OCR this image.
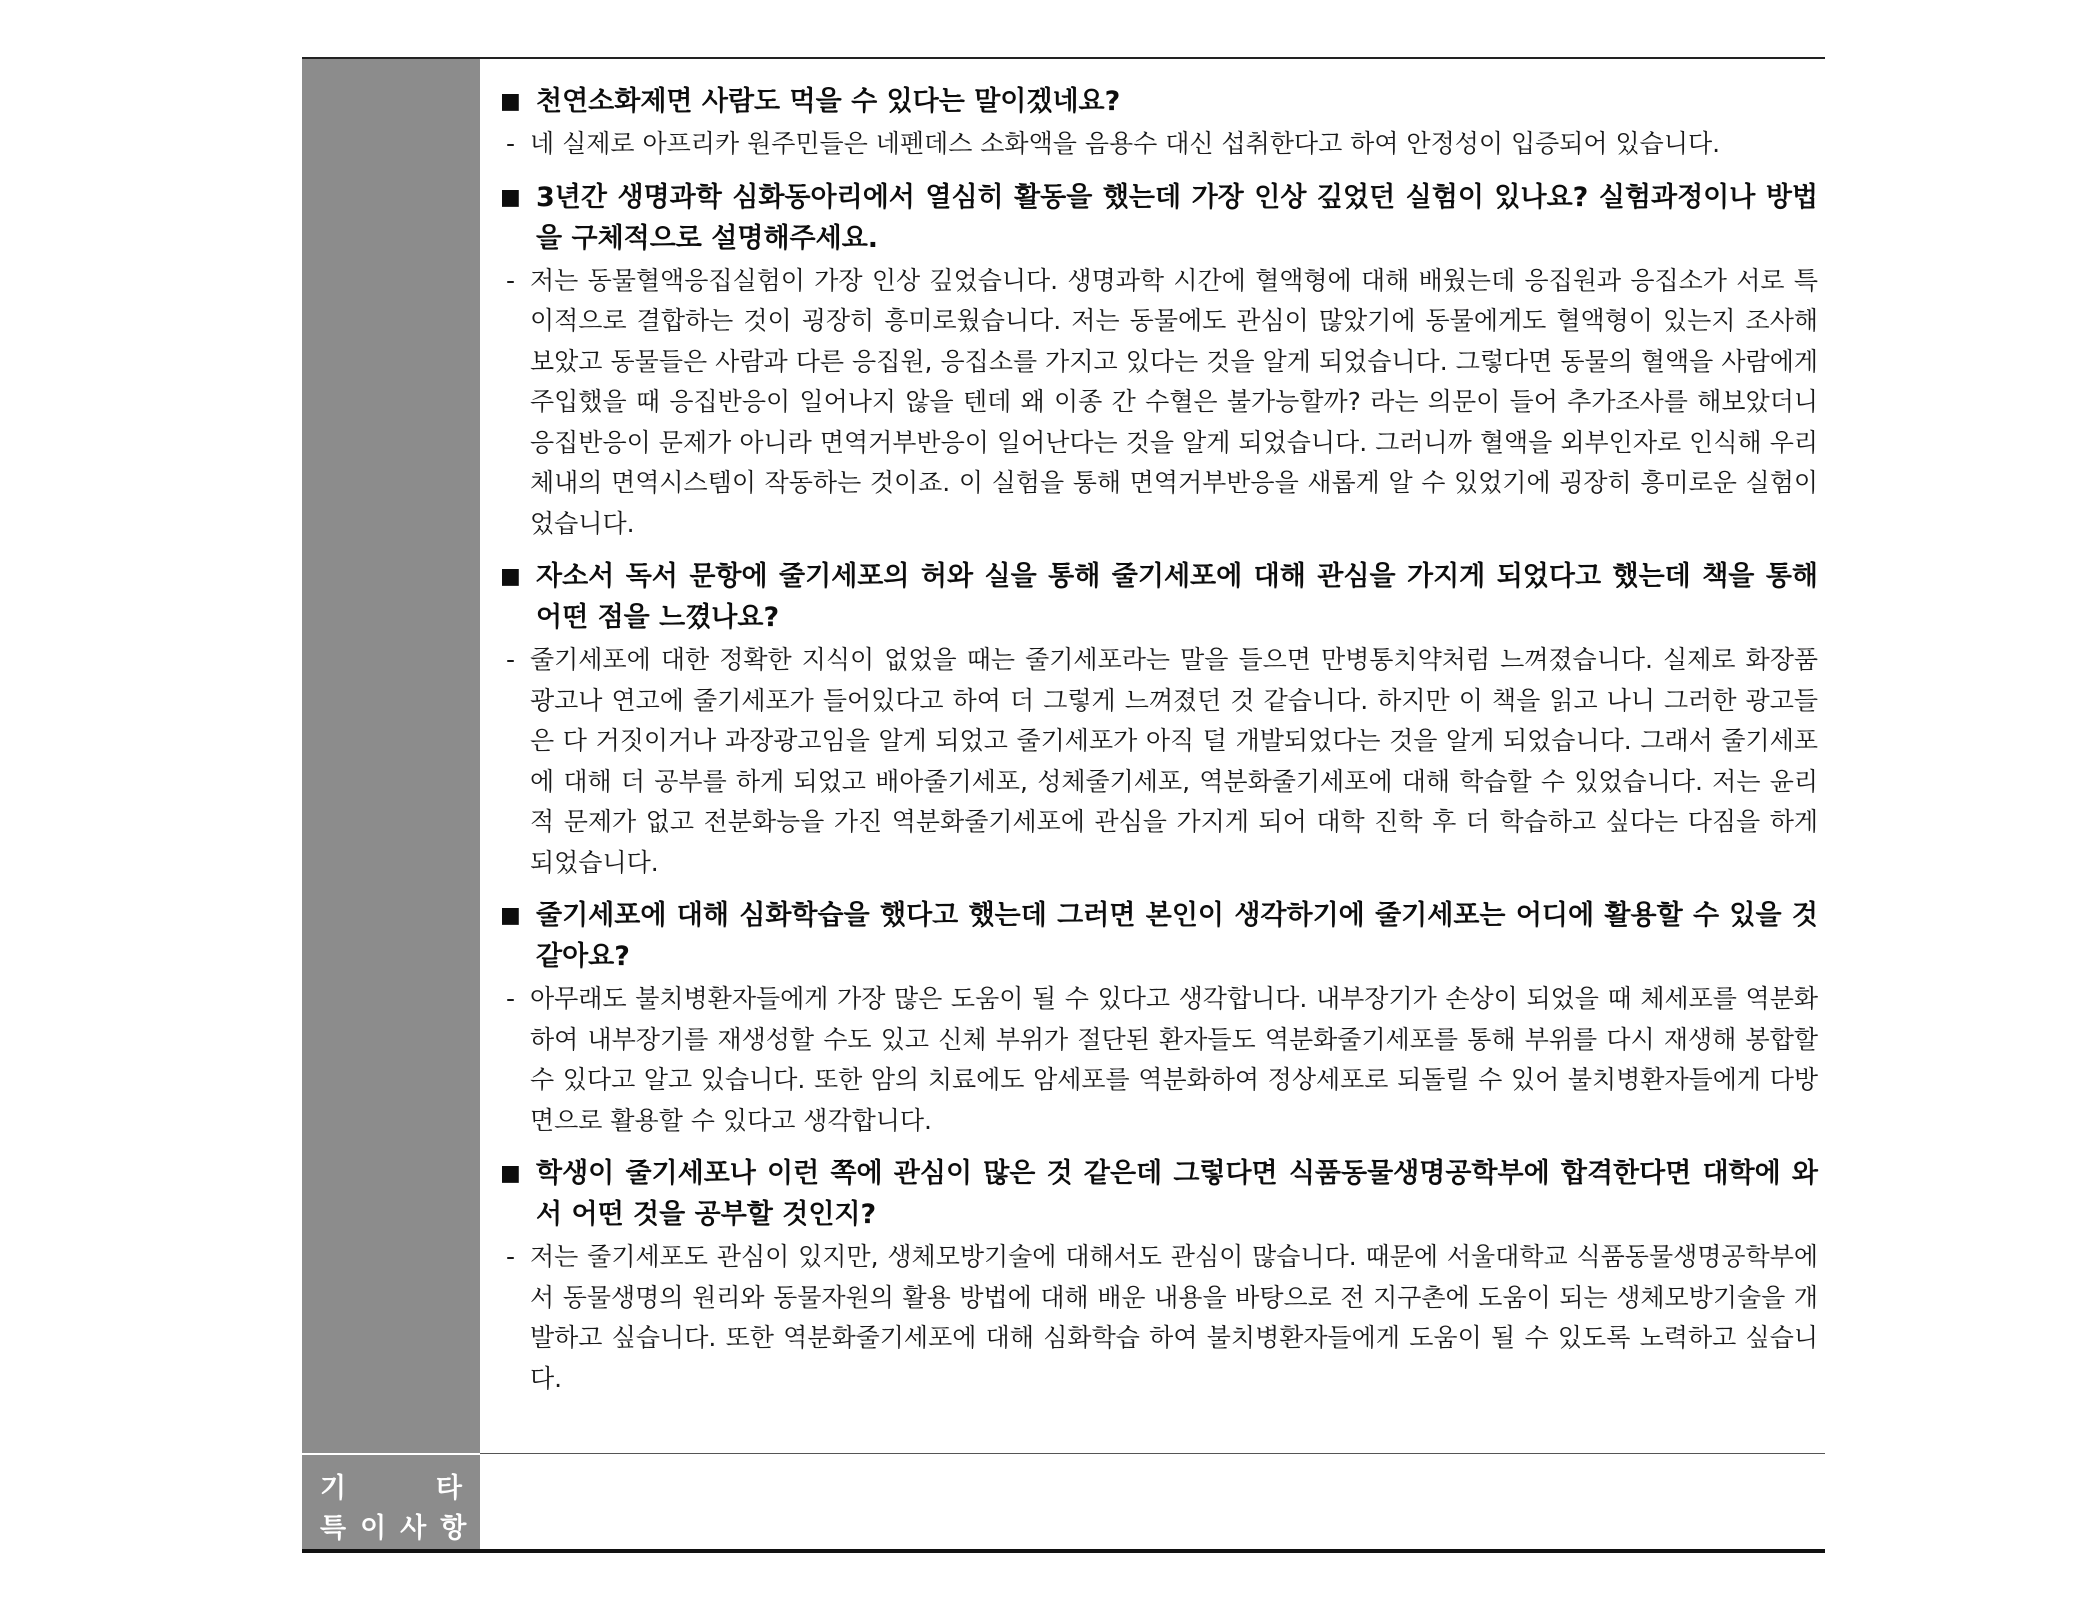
기	타
특이사항
■ 천연소화제면 사람도 먹을 수 있다는 말이겠네요?
- 네 실제로 아프리카 원주민들은 네펜데스 소화액을 음용수 대신 섭취한다고 하여 안정성이 입증되어 있습니다.
■ 3년간 생명과학 심화동아리에서 열심히 활동을 했는데 가장 인상 깊었던 실험이 있나요? 실험과정이나 방법을 구체적으로 설명해주세요.
- 저는 동물혈액응집실험이 가장 인상 깊었습니다. 생명과학 시간에 혈액형에 대해 배웠는데 응집원과 응집소가 서로 특이적으로 결합하는 것이 굉장히 흥미로웠습니다. 저는 동물에도 관심이 많았기에 동물에게도 혈액형이 있는지 조사해 보았고 동물들은 사람과 다른 응집원, 응집소를 가지고 있다는 것을 알게 되었습니다. 그렇다면 동물의 혈액을 사람에게 주입했을 때 응집반응이 일어나지 않을 텐데 왜 이종 간 수혈은 불가능할까? 라는 의문이 들어 추가조사를 해보았더니 응집반응이 문제가 아니라 면역거부반응이 일어난다는 것을 알게 되었습니다. 그러니까 혈액을 외부인자로 인식해 우리 체내의 면역시스템이 작동하는 것이죠. 이 실험을 통해 면역거부반응을 새롭게 알 수 있었기에 굉장히 흥미로운 실험이었습니다.
■ 자소서 독서 문항에 줄기세포의 허와 실을 통해 줄기세포에 대해 관심을 가지게 되었다고 했는데 책을 통해 어떤 점을 느꼈나요?
- 줄기세포에 대한 정확한 지식이 없었을 때는 줄기세포라는 말을 들으면 만병통치약처럼 느껴졌습니다. 실제로 화장품 광고나 연고에 줄기세포가 들어있다고 하여 더 그렇게 느껴졌던 것 같습니다. 하지만 이 책을 읽고 나니 그러한 광고들은 다 거짓이거나 과장광고임을 알게 되었고 줄기세포가 아직 덜 개발되었다는 것을 알게 되었습니다. 그래서 줄기세포에 대해 더 공부를 하게 되었고 배아줄기세포, 성체줄기세포, 역분화줄기세포에 대해 학습할 수 있었습니다. 저는 윤리적 문제가 없고 전분화능을 가진 역분화줄기세포에 관심을 가지게 되어 대학 진학 후 더 학습하고 싶다는 다짐을 하게 되었습니다.
■ 줄기세포에 대해 심화학습을 했다고 했는데 그러면 본인이 생각하기에 줄기세포는 어디에 활용할 수 있을 것 같아요?
- 아무래도 불치병환자들에게 가장 많은 도움이 될 수 있다고 생각합니다. 내부장기가 손상이 되었을 때 체세포를 역분화하여 내부장기를 재생성할 수도 있고 신체 부위가 절단된 환자들도 역분화줄기세포를 통해 부위를 다시 재생해 봉합할 수 있다고 알고 있습니다. 또한 암의 치료에도 암세포를 역분화하여 정상세포로 되돌릴 수 있어 불치병환자들에게 다방면으로 활용할 수 있다고 생각합니다.
■ 학생이 줄기세포나 이런 쪽에 관심이 많은 것 같은데 그렇다면 식품동물생명공학부에 합격한다면 대학에 와서 어떤 것을 공부할 것인지?
- 저는 줄기세포도 관심이 있지만, 생체모방기술에 대해서도 관심이 많습니다. 때문에 서울대학교 식품동물생명공학부에서 동물생명의 원리와 동물자원의 활용 방법에 대해 배운 내용을 바탕으로 전 지구촌에 도움이 되는 생체모방기술을 개발하고 싶습니다. 또한 역분화줄기세포에 대해 심화학습 하여 불치병환자들에게 도움이 될 수 있도록 노력하고 싶습니다.
